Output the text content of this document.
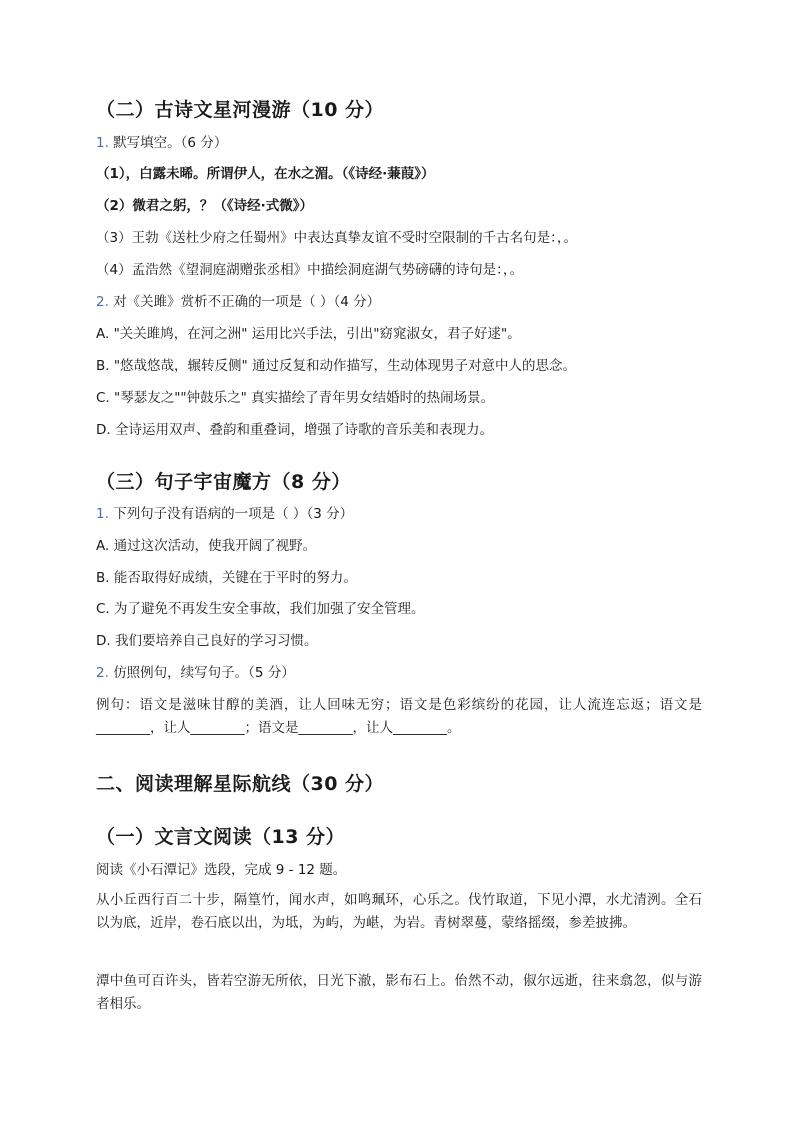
（二）古诗文星河漫游（10 分）
1. 默写填空。（6 分）
（1），白露未晞。所谓伊人，在水之湄。（《诗经·蒹葭》）
（2）微君之躬，？（《诗经·式微》）
（3）王勃《送杜少府之任蜀州》中表达真挚友谊不受时空限制的千古名句是：，。
（4）孟浩然《望洞庭湖赠张丞相》中描绘洞庭湖气势磅礴的诗句是：，。
2. 对《关雎》赏析不正确的一项是（ ）（4 分）
A. "关关雎鸠，在河之洲" 运用比兴手法，引出"窈窕淑女，君子好逑"。
B. "悠哉悠哉，辗转反侧" 通过反复和动作描写，生动体现男子对意中人的思念。
C. "琴瑟友之""钟鼓乐之" 真实描绘了青年男女结婚时的热闹场景。
D. 全诗运用双声、叠韵和重叠词，增强了诗歌的音乐美和表现力。
（三）句子宇宙魔方（8 分）
1. 下列句子没有语病的一项是（ ）（3 分）
A. 通过这次活动，使我开阔了视野。
B. 能否取得好成绩，关键在于平时的努力。
C. 为了避免不再发生安全事故，我们加强了安全管理。
D. 我们要培养自己良好的学习习惯。
2. 仿照例句，续写句子。（5 分）
例句：语文是滋味甘醇的美酒，让人回味无穷；语文是色彩缤纷的花园，让人流连忘返；语文是________，让人________；语文是________，让人________。
二、阅读理解星际航线（30 分）
（一）文言文阅读（13 分）
阅读《小石潭记》选段，完成 9 - 12 题。
从小丘西行百二十步，隔篁竹，闻水声，如鸣珮环，心乐之。伐竹取道，下见小潭，水尤清洌。全石以为底，近岸，卷石底以出，为坻，为屿，为嵁，为岩。青树翠蔓，蒙络摇缀，参差披拂。
潭中鱼可百许头，皆若空游无所依，日光下澈，影布石上。佁然不动，俶尔远逝，往来翕忽，似与游者相乐。
